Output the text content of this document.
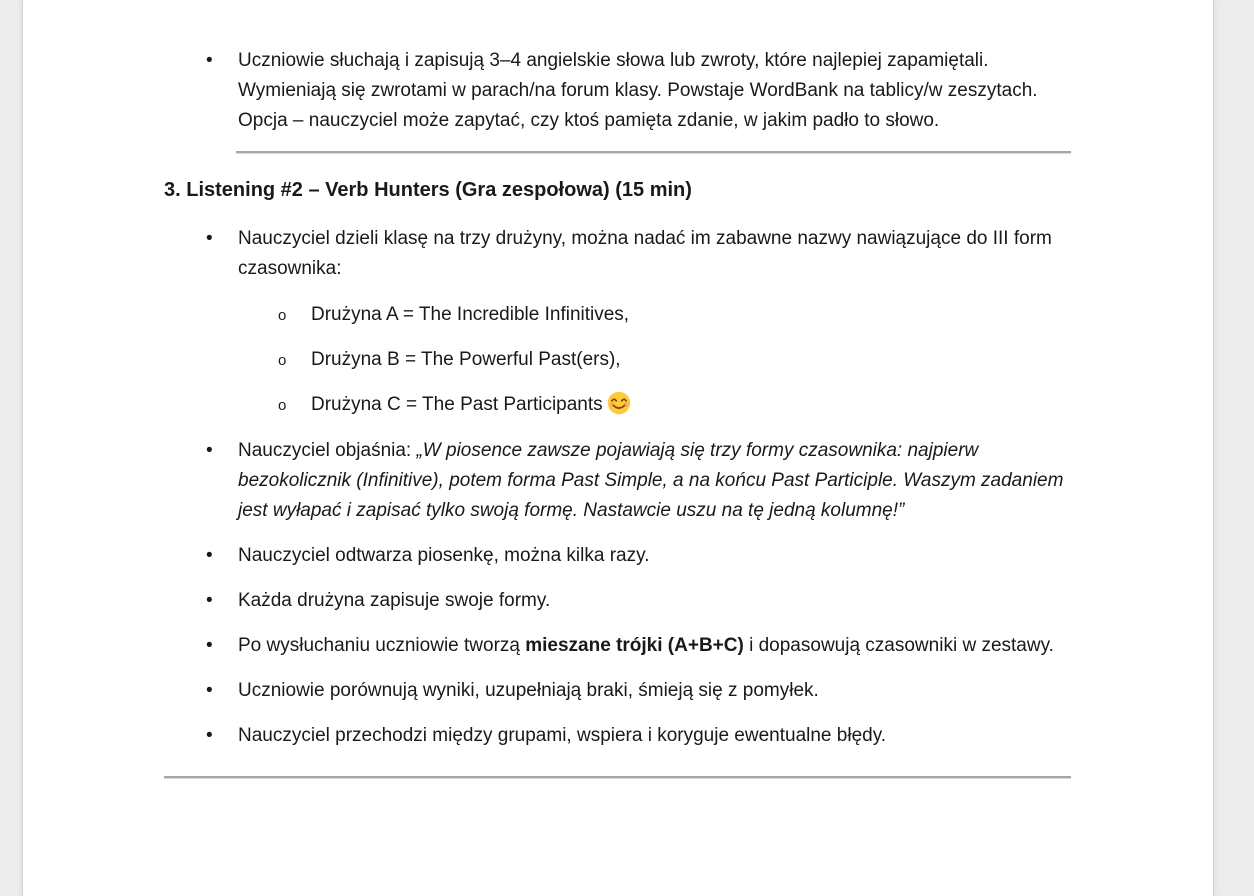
•	Uczniowie słuchają i zapisują 3–4 angielskie słowa lub zwroty, które najlepiej zapamiętali. Wymieniają się zwrotami w parach/na forum klasy. Powstaje WordBank na tablicy/w zeszytach. Opcja – nauczyciel może zapytać, czy ktoś pamięta zdanie, w jakim padło to słowo.
3. Listening #2 – Verb Hunters (Gra zespołowa) (15 min)
•	Nauczyciel dzieli klasę na trzy drużyny, można nadać im zabawne nazwy nawiązujące do III form czasownika:
o	Drużyna A = The Incredible Infinitives,
o	Drużyna B = The Powerful Past(ers),
o	Drużyna C = The Past Participants
•	Nauczyciel objaśnia: „W piosence zawsze pojawiają się trzy formy czasownika: najpierw bezokolicznik (Infinitive), potem forma Past Simple, a na końcu Past Participle. Waszym zadaniem jest wyłapać i zapisać tylko swoją formę. Nastawcie uszu na tę jedną kolumnę!”
•	Nauczyciel odtwarza piosenkę, można kilka razy.
•	Każda drużyna zapisuje swoje formy.
•	Po wysłuchaniu uczniowie tworzą mieszane trójki (A+B+C) i dopasowują czasowniki w zestawy.
•	Uczniowie porównują wyniki, uzupełniają braki, śmieją się z pomyłek.
•	Nauczyciel przechodzi między grupami, wspiera i koryguje ewentualne błędy.
